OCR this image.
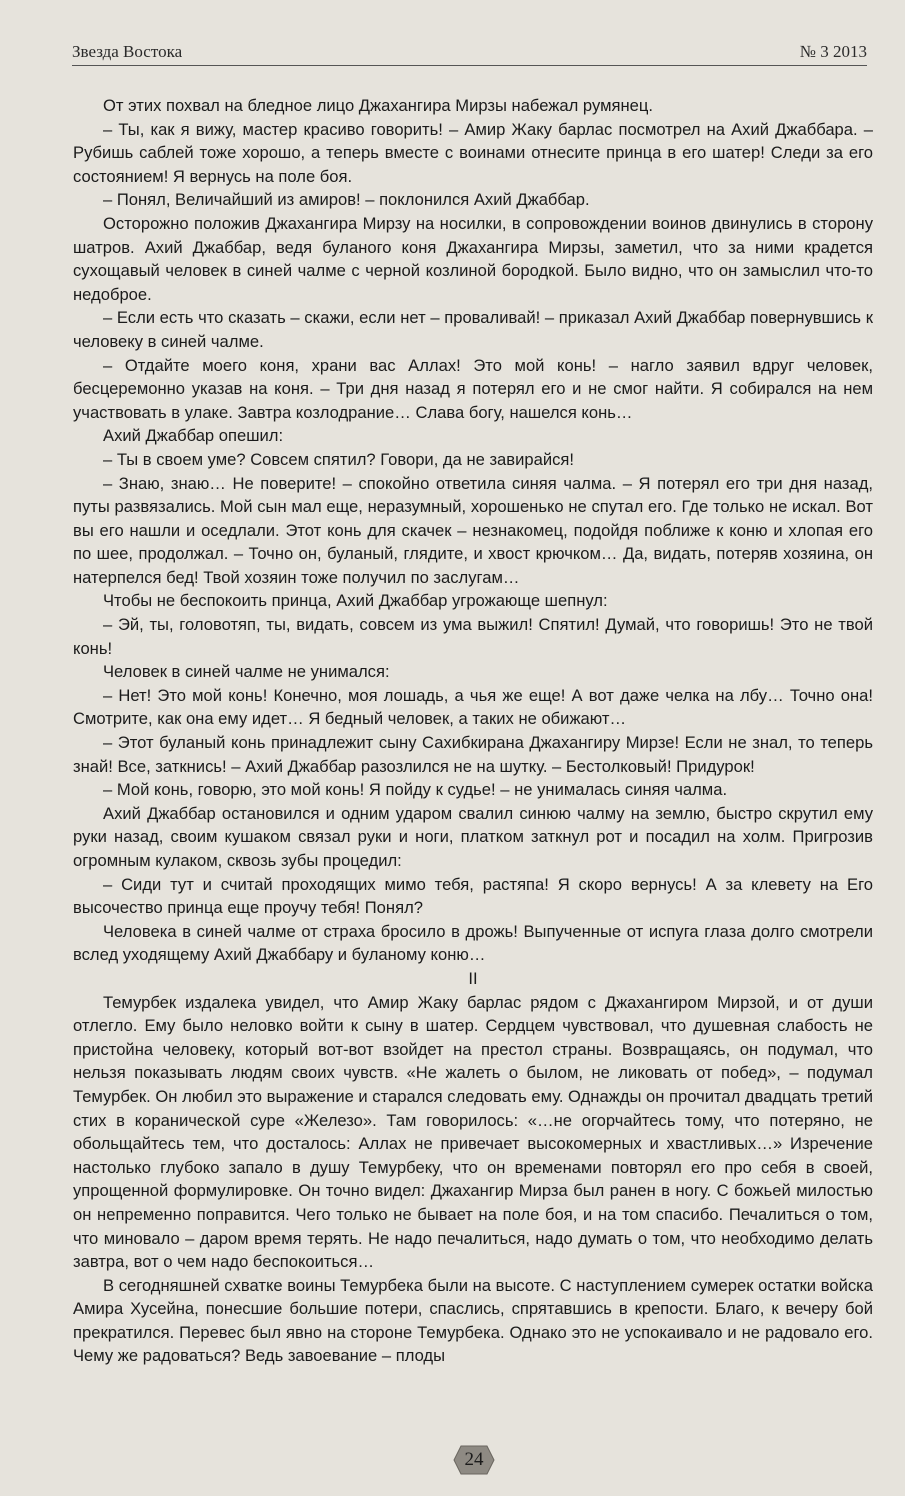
Звезда Востока	№ 3 2013

От этих похвал на бледное лицо Джахангира Мирзы набежал румянец.

– Ты, как я вижу, мастер красиво говорить! – Амир Жаку барлас посмотрел на Ахий Джаббара. – Рубишь саблей тоже хорошо, а теперь вместе с воинами отнесите принца в его шатер! Следи за его состоянием! Я вернусь на поле боя.

– Понял, Величайший из амиров! – поклонился Ахий Джаббар.

Осторожно положив Джахангира Мирзу на носилки, в сопровождении воинов двинулись в сторону шатров. Ахий Джаббар, ведя буланого коня Джахангира Мирзы, заметил, что за ними крадется сухощавый человек в синей чалме с черной козлиной бородкой. Было видно, что он замыслил что-то недоброе.

– Если есть что сказать – скажи, если нет – проваливай! – приказал Ахий Джаббар повернувшись к человеку в синей чалме.

– Отдайте моего коня, храни вас Аллах! Это мой конь! – нагло заявил вдруг человек, бесцеремонно указав на коня. – Три дня назад я потерял его и не смог найти. Я собирался на нем участвовать в улаке. Завтра козлодрание… Слава богу, нашелся конь…

Ахий Джаббар опешил:

– Ты в своем уме? Совсем спятил? Говори, да не завирайся!

– Знаю, знаю… Не поверите! – спокойно ответила синяя чалма. – Я потерял его три дня назад, путы развязались. Мой сын мал еще, неразумный, хорошенько не спутал его. Где только не искал. Вот вы его нашли и оседлали. Этот конь для скачек – незнакомец, подойдя поближе к коню и хлопая его по шее, продолжал. – Точно он, буланый, глядите, и хвост крючком… Да, видать, потеряв хозяина, он натерпелся бед! Твой хозяин тоже получил по заслугам…

Чтобы не беспокоить принца, Ахий Джаббар угрожающе шепнул:

– Эй, ты, головотяп, ты, видать, совсем из ума выжил! Спятил! Думай, что говоришь! Это не твой конь!

Человек в синей чалме не унимался:

– Нет! Это мой конь! Конечно, моя лошадь, а чья же еще! А вот даже челка на лбу… Точно она! Смотрите, как она ему идет… Я бедный человек, а таких не обижают…

– Этот буланый конь принадлежит сыну Сахибкирана Джахангиру Мирзе! Если не знал, то теперь знай! Все, заткнись! – Ахий Джаббар разозлился не на шутку. – Бестолковый! Придурок!

– Мой конь, говорю, это мой конь! Я пойду к судье! – не унималась синяя чалма.

Ахий Джаббар остановился и одним ударом свалил синюю чалму на землю, быстро скрутил ему руки назад, своим кушаком связал руки и ноги, платком заткнул рот и посадил на холм. Пригрозив огромным кулаком, сквозь зубы процедил:

– Сиди тут и считай проходящих мимо тебя, растяпа! Я скоро вернусь! А за клевету на Его высочество принца еще проучу тебя! Понял?

Человека в синей чалме от страха бросило в дрожь! Выпученные от испуга глаза долго смотрели вслед уходящему Ахий Джаббару и буланому коню…

II

Темурбек издалека увидел, что Амир Жаку барлас рядом с Джахангиром Мирзой, и от души отлегло. Ему было неловко войти к сыну в шатер. Сердцем чувствовал, что душевная слабость не пристойна человеку, который вот-вот взойдет на престол страны. Возвращаясь, он подумал, что нельзя показывать людям своих чувств. «Не жалеть о былом, не ликовать от побед», – подумал Темурбек. Он любил это выражение и старался следовать ему. Однажды он прочитал двадцать третий стих в коранической суре «Железо». Там говорилось: «…не огорчайтесь тому, что потеряно, не обольщайтесь тем, что досталось: Аллах не привечает высокомерных и хвастливых…» Изречение настолько глубоко запало в душу Темурбеку, что он временами повторял его про себя в своей, упрощенной формулировке. Он точно видел: Джахангир Мирза был ранен в ногу. С божьей милостью он непременно поправится. Чего только не бывает на поле боя, и на том спасибо. Печалиться о том, что миновало – даром время терять. Не надо печалиться, надо думать о том, что необходимо делать завтра, вот о чем надо беспокоиться…

В сегодняшней схватке воины Темурбека были на высоте. С наступлением сумерек остатки войска Амира Хусейна, понесшие большие потери, спаслись, спрятавшись в крепости. Благо, к вечеру бой прекратился. Перевес был явно на стороне Темурбека. Однако это не успокаивало и не радовало его. Чему же радоваться? Ведь завоевание – плоды

24
